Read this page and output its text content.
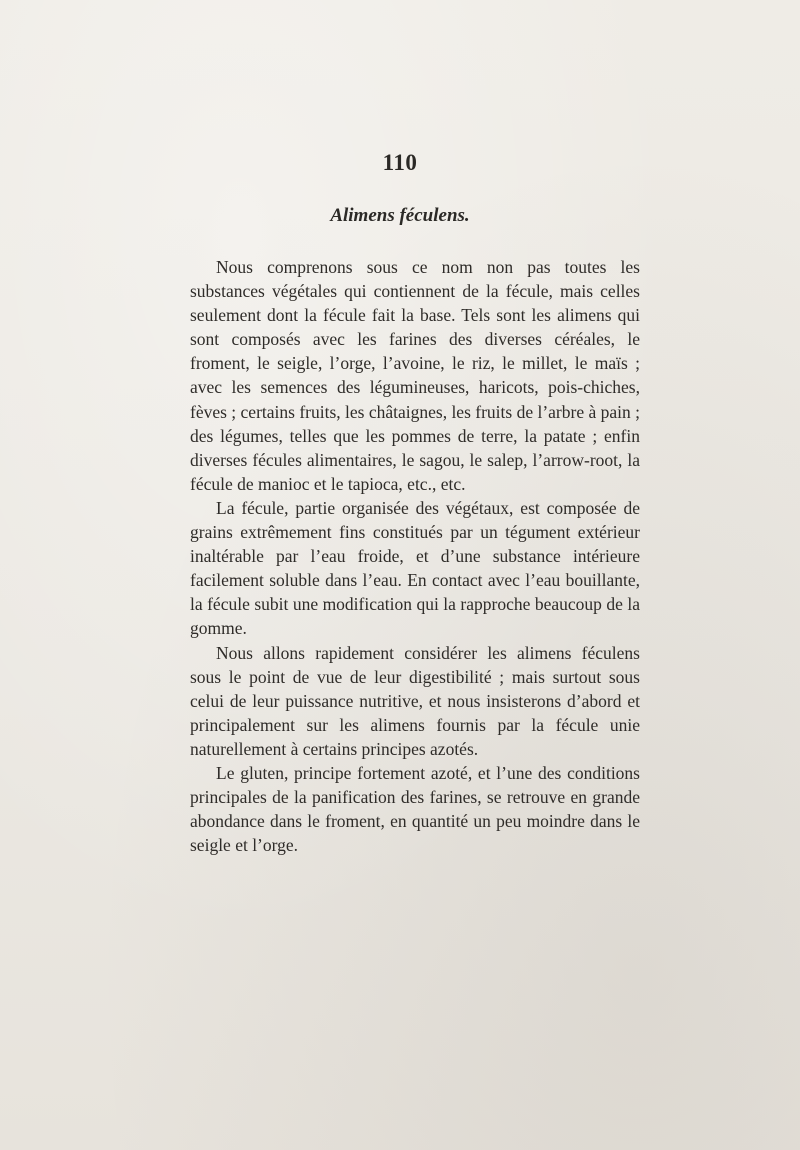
110
Alimens féculens.

Nous comprenons sous ce nom non pas toutes les substances végétales qui contiennent de la fécule, mais celles seulement dont la fécule fait la base. Tels sont les alimens qui sont composés avec les farines des diverses céréales, le froment, le seigle, l’orge, l’avoine, le riz, le millet, le maïs ; avec les semences des légumineuses, haricots, pois-chiches, fèves ; certains fruits, les châtaignes, les fruits de l’arbre à pain ; des légumes, telles que les pommes de terre, la patate ; enfin diverses fécules alimentaires, le sagou, le salep, l’arrow-root, la fécule de manioc et le tapioca, etc., etc.

La fécule, partie organisée des végétaux, est composée de grains extrêmement fins constitués par un tégument extérieur inaltérable par l’eau froide, et d’une substance intérieure facilement soluble dans l’eau. En contact avec l’eau bouillante, la fécule subit une modification qui la rapproche beaucoup de la gomme.

Nous allons rapidement considérer les alimens féculens sous le point de vue de leur digestibilité ; mais surtout sous celui de leur puissance nutritive, et nous insisterons d’abord et principalement sur les alimens fournis par la fécule unie naturellement à certains principes azotés.

Le gluten, principe fortement azoté, et l’une des conditions principales de la panification des farines, se retrouve en grande abondance dans le froment, en quantité un peu moindre dans le seigle et l’orge.
